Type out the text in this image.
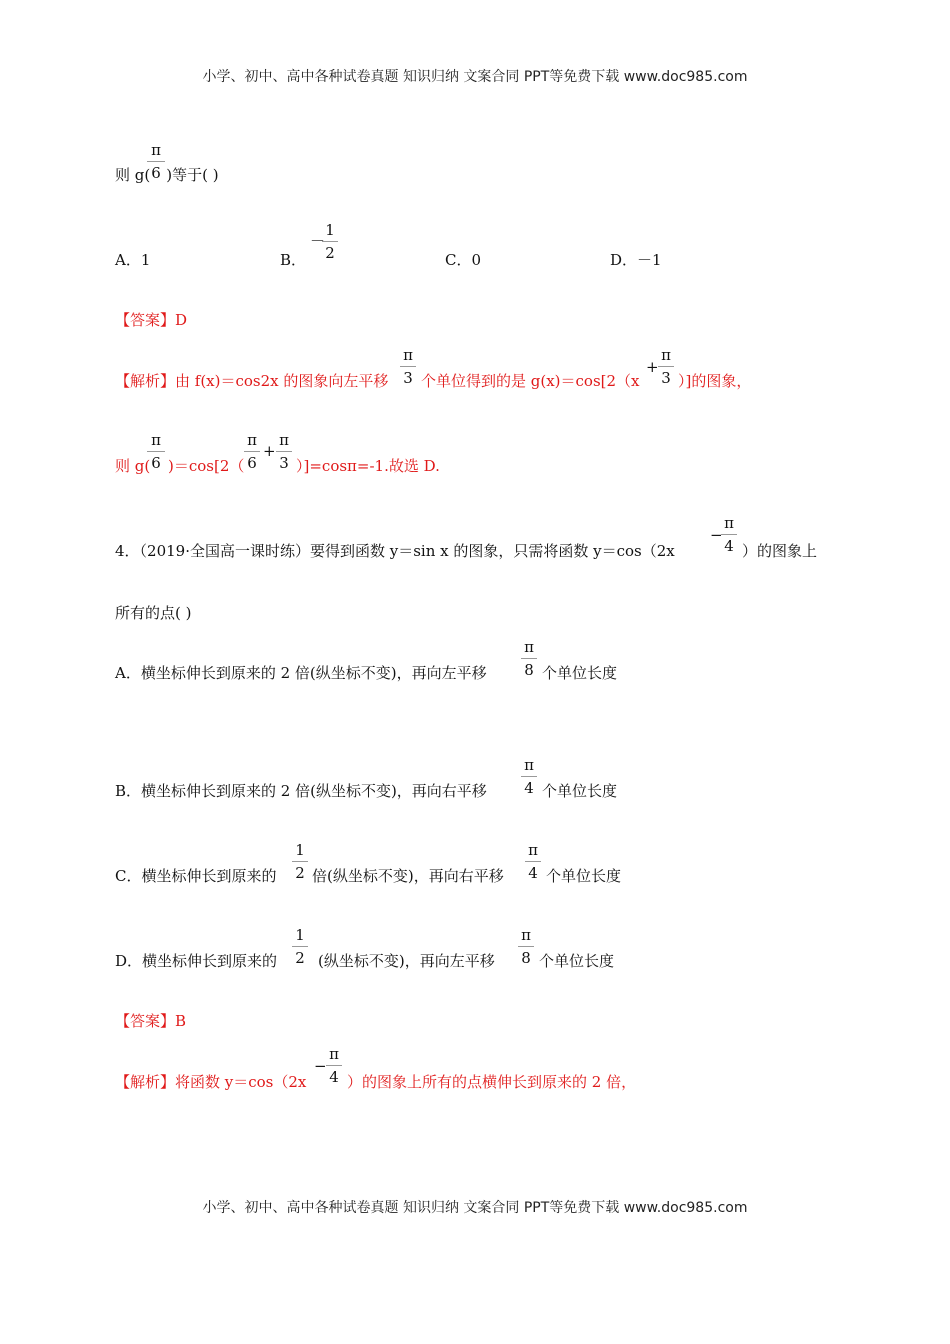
小学、初中、高中各种试卷真题 知识归纳 文案合同 PPT等免费下载 www.doc985.com
则 g( )等于( )
π
6
A．1	B．
－
1
2	C．0	D．－1
【答案】D
【解析】由 f(x)＝cos2x 的图象向左平移
π
3 个单位得到的是 g(x)＝cos[2（x
+
π
3 ）]的图象，
则 g(
π
6 )＝cos[2（
π
6
+
π
3 ）]=cosπ=-1.故选 D.
4．（2019·全国高一课时练）要得到函数 y＝sin x 的图象，只需将函数 y＝cos（2x
−
π
4 ）的图象上
所有的点( )
A．横坐标伸长到原来的 2 倍(纵坐标不变)，再向左平移
π
8 个单位长度
B．横坐标伸长到原来的 2 倍(纵坐标不变)，再向右平移
π
4 个单位长度
C．横坐标伸长到原来的
1
2 倍(纵坐标不变)，再向右平移
π
4 个单位长度
D．横坐标伸长到原来的
1
2 (纵坐标不变)，再向左平移
π
8 个单位长度
【答案】B
【解析】将函数 y＝cos（2x
−
π
4 ）的图象上所有的点横伸长到原来的 2 倍，
小学、初中、高中各种试卷真题 知识归纳 文案合同 PPT等免费下载 www.doc985.com
